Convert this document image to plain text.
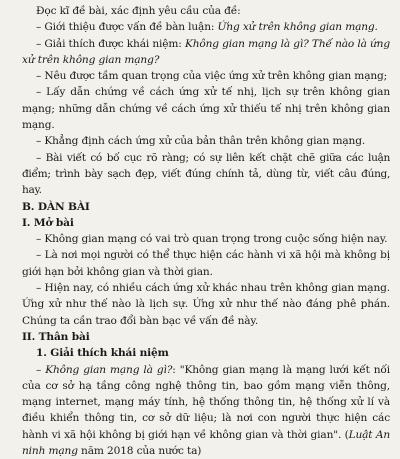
Đọc kĩ đề bài, xác định yêu cầu của đề:

– Giới thiệu được vấn đề bàn luận: Ứng xử trên không gian mạng.

– Giải thích được khái niệm: Không gian mạng là gì? Thế nào là ứng xử trên không gian mạng?

– Nêu được tầm quan trọng của việc ứng xử trên không gian mạng;

– Lấy dẫn chứng về cách ứng xử tế nhị, lịch sự trên không gian mạng; những dẫn chứng về cách ứng xử thiếu tế nhị trên không gian mạng.

– Khẳng định cách ứng xử của bản thân trên không gian mạng.

– Bài viết có bố cục rõ ràng; có sự liên kết chặt chẽ giữa các luận điểm; trình bày sạch đẹp, viết đúng chính tả, dùng từ, viết câu đúng, hay.

B. DÀN BÀI

I. Mở bài

– Không gian mạng có vai trò quan trọng trong cuộc sống hiện nay.

– Là nơi mọi người có thể thực hiện các hành vi xã hội mà không bị giới hạn bởi không gian và thời gian.

– Hiện nay, có nhiều cách ứng xử khác nhau trên không gian mạng. Ứng xử như thế nào là lịch sự. Ứng xử như thế nào đáng phê phán. Chúng ta cần trao đổi bàn bạc về vấn đề này.

II. Thân bài

1. Giải thích khái niệm

– Không gian mạng là gì?: "Không gian mạng là mạng lưới kết nối của cơ sở hạ tầng công nghệ thông tin, bao gồm mạng viễn thông, mạng internet, mạng máy tính, hệ thống thông tin, hệ thống xử lí và điều khiển thông tin, cơ sở dữ liệu; là nơi con người thực hiện các hành vi xã hội không bị giới hạn về không gian và thời gian". (Luật An ninh mạng năm 2018 của nước ta)
